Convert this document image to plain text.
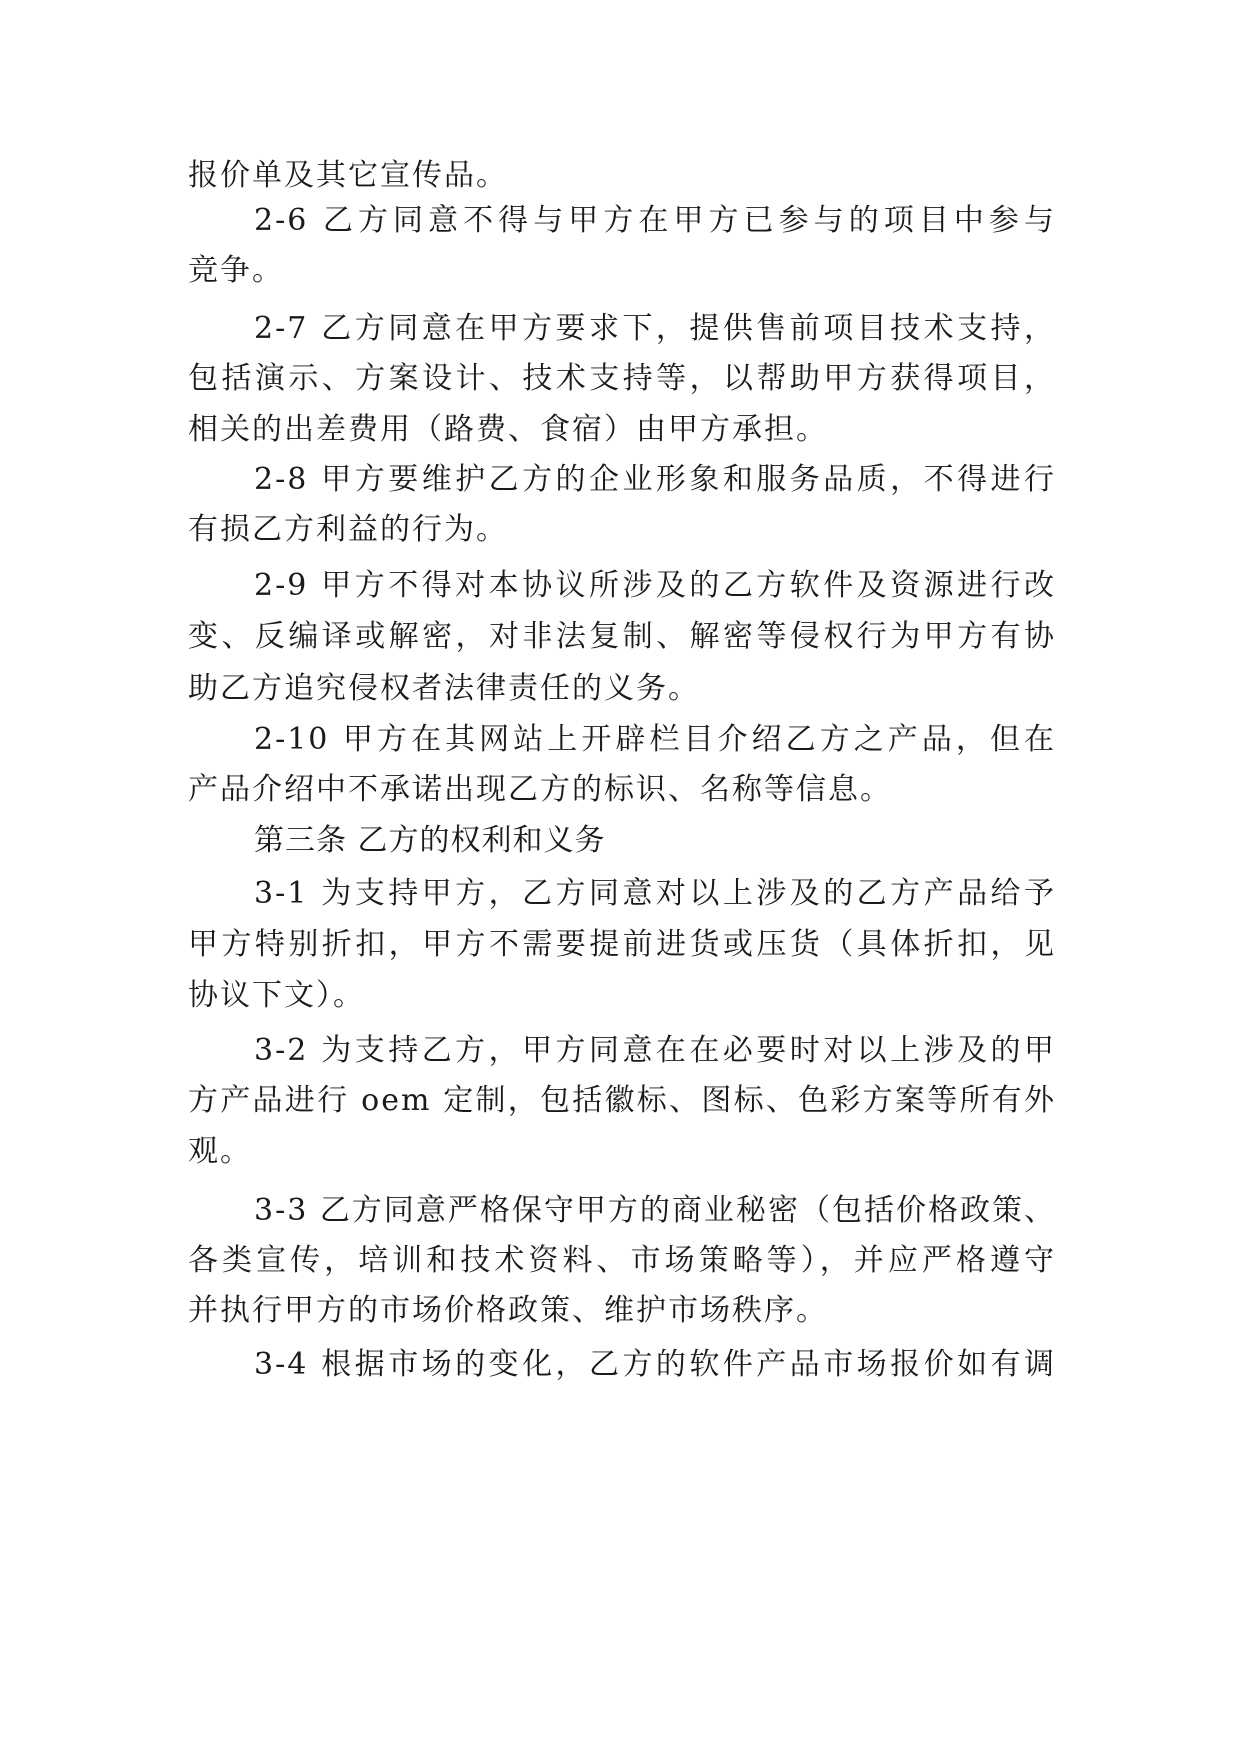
报价单及其它宣传品。
2-6 乙方同意不得与甲方在甲方已参与的项目中参与
竞争。
2-7 乙方同意在甲方要求下，提供售前项目技术支持，
包括演示、方案设计、技术支持等，以帮助甲方获得项目，
相关的出差费用（路费、食宿）由甲方承担。
2-8 甲方要维护乙方的企业形象和服务品质，不得进行
有损乙方利益的行为。
2-9 甲方不得对本协议所涉及的乙方软件及资源进行改
变、反编译或解密，对非法复制、解密等侵权行为甲方有协
助乙方追究侵权者法律责任的义务。
2-10 甲方在其网站上开辟栏目介绍乙方之产品，但在
产品介绍中不承诺出现乙方的标识、名称等信息。
第三条 乙方的权利和义务
3-1 为支持甲方，乙方同意对以上涉及的乙方产品给予
甲方特别折扣，甲方不需要提前进货或压货（具体折扣，见
协议下文）。
3-2 为支持乙方，甲方同意在在必要时对以上涉及的甲
方产品进行 oem 定制，包括徽标、图标、色彩方案等所有外
观。
3-3 乙方同意严格保守甲方的商业秘密（包括价格政策、
各类宣传，培训和技术资料、市场策略等），并应严格遵守
并执行甲方的市场价格政策、维护市场秩序。
3-4 根据市场的变化，乙方的软件产品市场报价如有调
